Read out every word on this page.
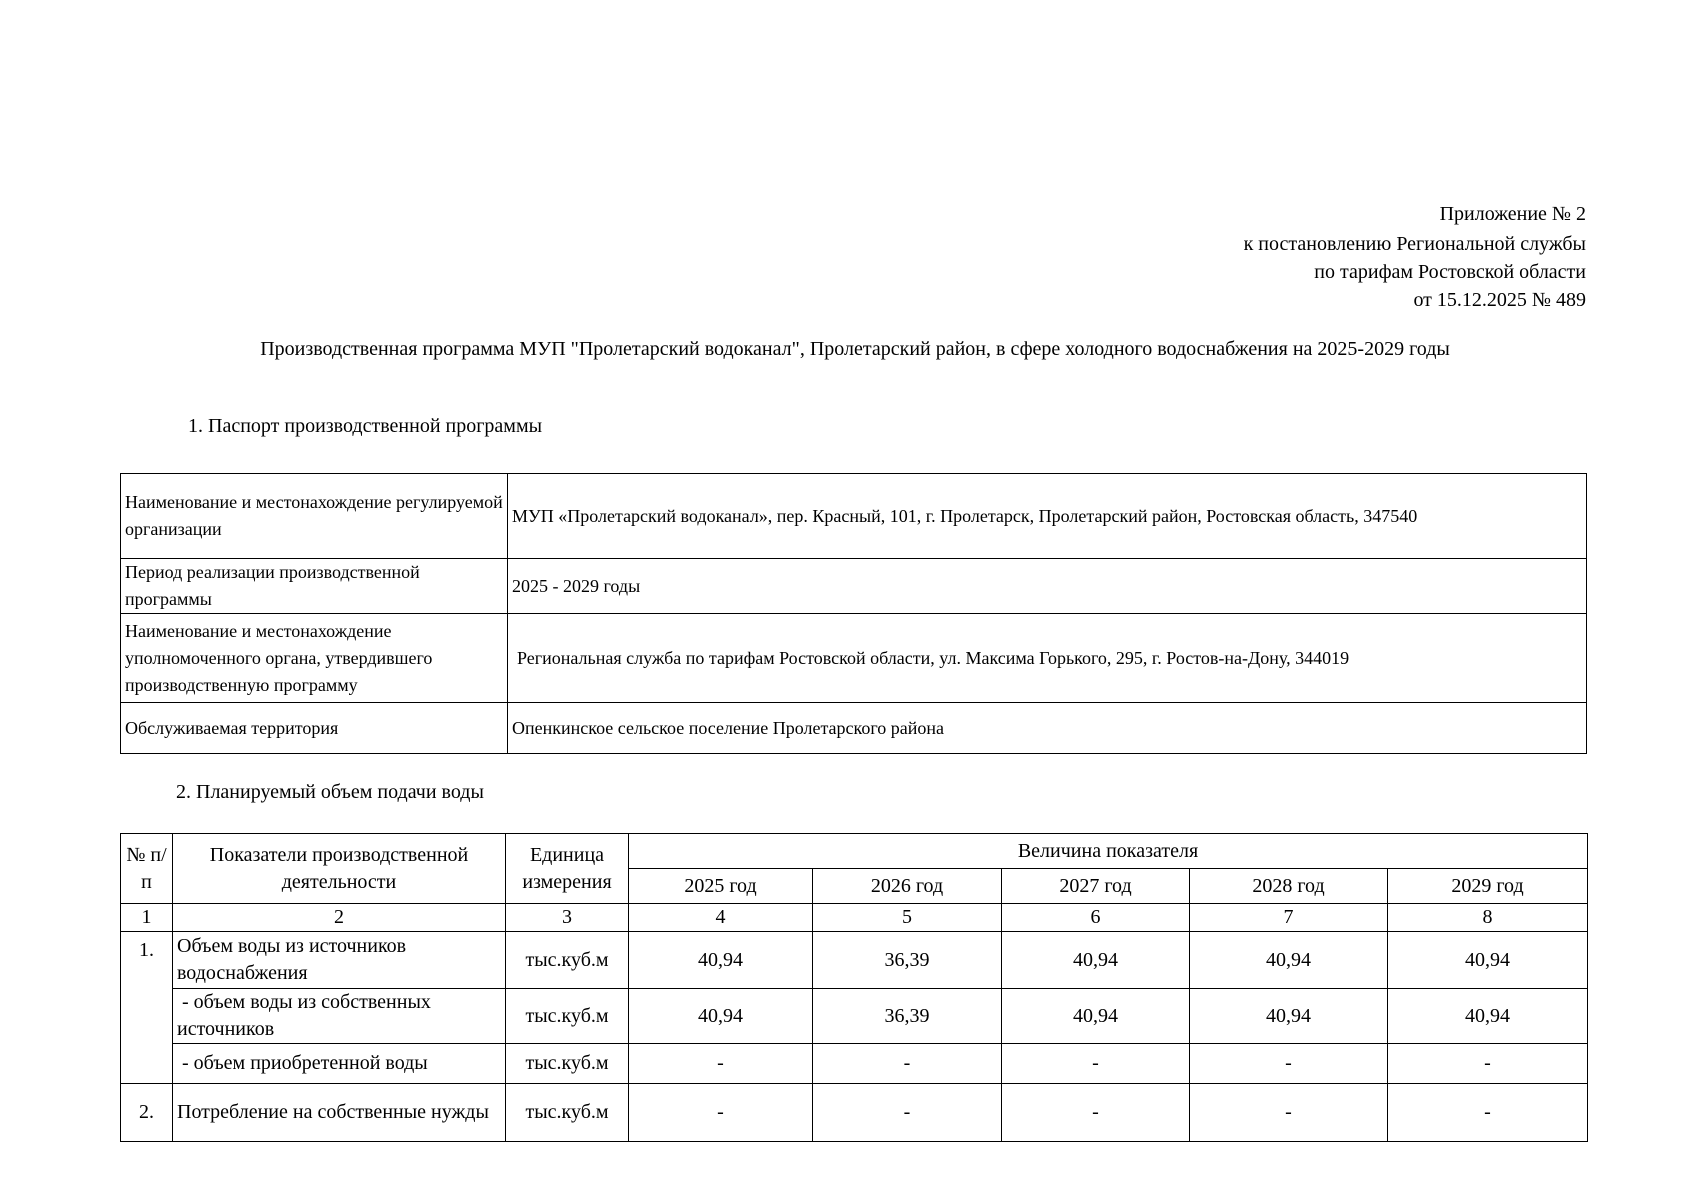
Приложение № 2
к постановлению Региональной службы
по тарифам Ростовской области
от 15.12.2025 № 489
Производственная программа МУП "Пролетарский водоканал", Пролетарский район, в сфере холодного водоснабжения на 2025-2029 годы
1. Паспорт производственной программы
Наименование и местонахождение регулируемой организации	МУП «Пролетарский водоканал», пер. Красный, 101, г. Пролетарск, Пролетарский район, Ростовская область, 347540
Период реализации производственной программы	2025 - 2029 годы
Наименование и местонахождение уполномоченного органа, утвердившего производственную программу	Региональная служба по тарифам Ростовской области, ул. Максима Горького, 295, г. Ростов-на-Дону, 344019
Обслуживаемая территория	Опенкинское сельское поселение Пролетарского района
2. Планируемый объем подачи воды
№ п/п	Показатели производственной деятельности	Единица измерения	Величина показателя				
			2025 год	2026 год	2027 год	2028 год	2029 год
1	2	3	4	5	6	7	8
1.	Объем воды из источников водоснабжения	тыс.куб.м	40,94	36,39	40,94	40,94	40,94
	- объем воды из собственных источников	тыс.куб.м	40,94	36,39	40,94	40,94	40,94
	- объем приобретенной воды	тыс.куб.м	-	-	-	-	-
2.	Потребление на собственные нужды	тыс.куб.м	-	-	-	-	-
